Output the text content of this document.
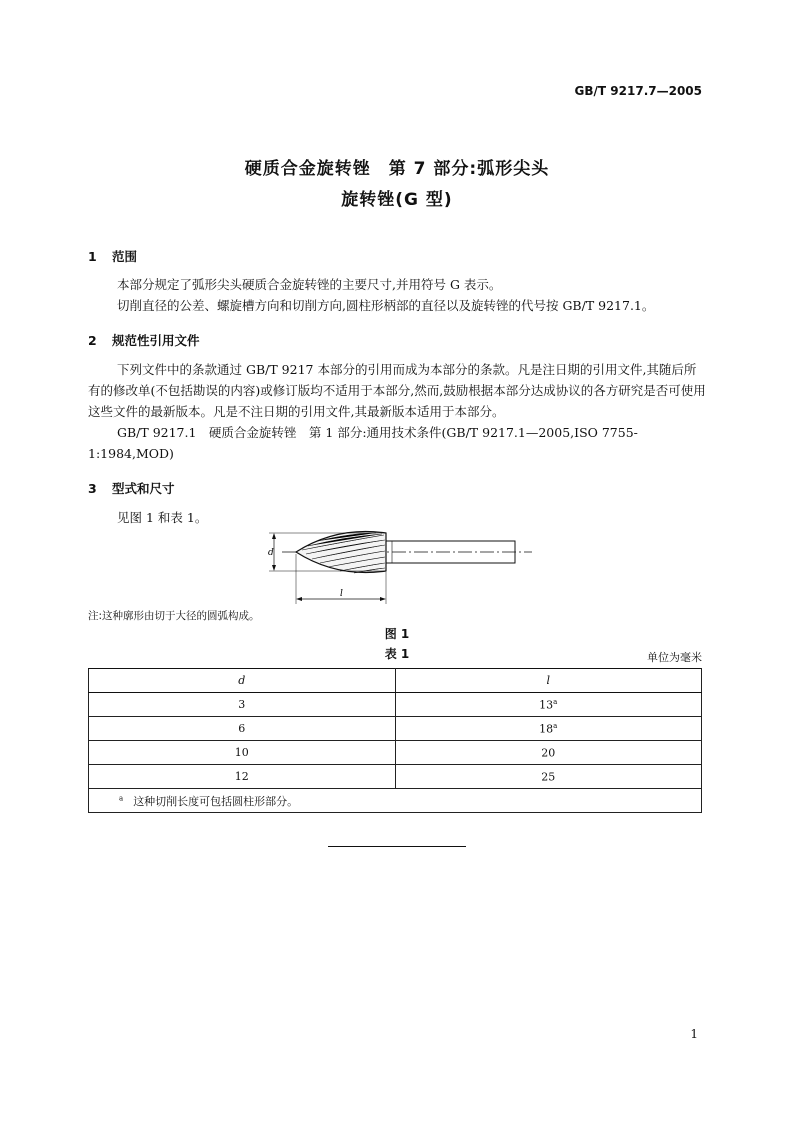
GB/T 9217.7—2005
硬质合金旋转锉　第 7 部分:弧形尖头
旋转锉(G 型)
1 范围
本部分规定了弧形尖头硬质合金旋转锉的主要尺寸,并用符号 G 表示。
切削直径的公差、螺旋槽方向和切削方向,圆柱形柄部的直径以及旋转锉的代号按 GB/T 9217.1。
2 规范性引用文件
下列文件中的条款通过 GB/T 9217 本部分的引用而成为本部分的条款。凡是注日期的引用文件,其随后所有的修改单(不包括勘误的内容)或修订版均不适用于本部分,然而,鼓励根据本部分达成协议的各方研究是否可使用这些文件的最新版本。凡是不注日期的引用文件,其最新版本适用于本部分。
GB/T 9217.1　硬质合金旋转锉　第 1 部分:通用技术条件(GB/T 9217.1—2005,ISO 7755-1:1984,MOD)
3 型式和尺寸
见图 1 和表 1。
d
l
注:这种廓形由切于大径的圆弧构成。
图 1
表 1	单位为毫米
d	l
3	13$^a$
6	18$^a$
10	20
12	25
$^a$ 这种切削长度可包括圆柱形部分。	
1
